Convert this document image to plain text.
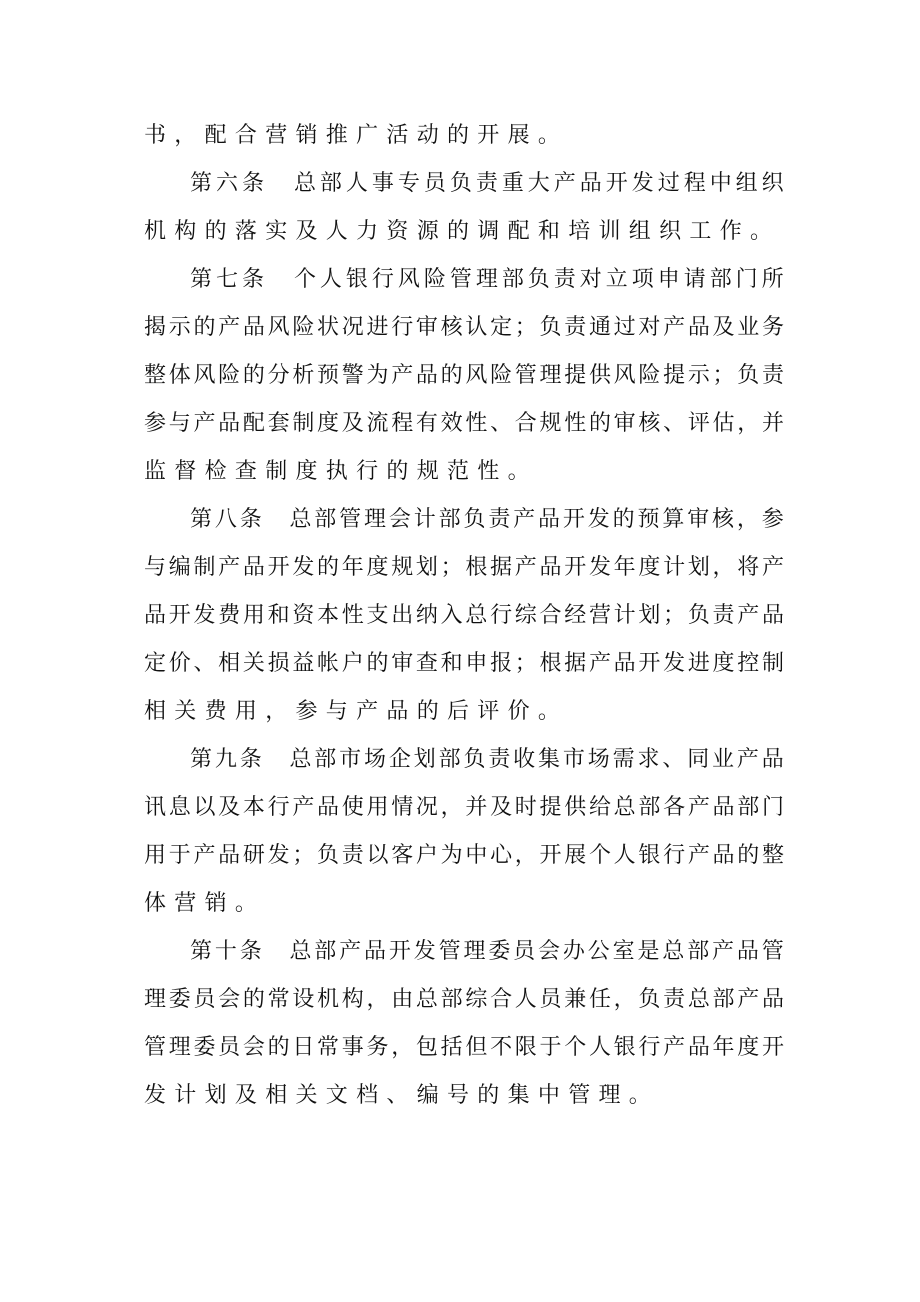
书，配合营销推广活动的开展。
第 六 条
　 总 部 人 事 专 员 负 责 重 大 产 品 开 发 过 程 中 组 织
机构的落实及人力资源的调配和培训组织工作。
第 七 条
　 个 人 银 行 风 险 管 理 部 负 责 对 立 项 申 请 部 门 所
揭 示 的 产 品 风 险 状 况 进 行 审 核 认 定 ； 负 责 通 过 对 产 品 及 业 务
整 体 风 险 的 分 析 预 警 为 产 品 的 风 险 管 理 提 供 风 险 提 示 ； 负 责
参 与 产 品 配 套 制 度 及 流 程 有 效 性 、 合 规 性 的 审 核 、 评 估 ， 并
监督检查制度执行的规范性。
第 八 条
　 总 部 管 理 会 计 部 负 责 产 品 开 发 的 预 算 审 核 ， 参
与 编 制 产 品 开 发 的 年 度 规 划 ； 根 据 产 品 开 发 年 度 计 划 ， 将 产
品 开 发 费 用 和 资 本 性 支 出 纳 入 总 行 综 合 经 营 计 划 ； 负 责 产 品
定 价 、 相 关 损 益 帐 户 的 审 查 和 申 报 ； 根 据 产 品 开 发 进 度 控 制
相关费用，参与产品的后评价。
第 九 条
　 总 部 市 场 企 划 部 负 责 收 集 市 场 需 求 、 同 业 产 品
讯 息 以 及 本 行 产 品 使 用 情 况 ， 并 及 时 提 供 给 总 部 各 产 品 部 门
用 于 产 品 研 发 ； 负 责 以 客 户 为 中 心 ， 开 展 个 人 银 行 产 品 的 整
体营销。
第 十 条
　 总 部 产 品 开 发 管 理 委 员 会 办 公 室 是 总 部 产 品 管
理 委 员 会 的 常 设 机 构 ， 由 总 部 综 合 人 员 兼 任 ， 负 责 总 部 产 品
管 理 委 员 会 的 日 常 事 务 ， 包 括 但 不 限 于 个 人 银 行 产 品 年 度 开
发计划及相关文档、编号的集中管理。
